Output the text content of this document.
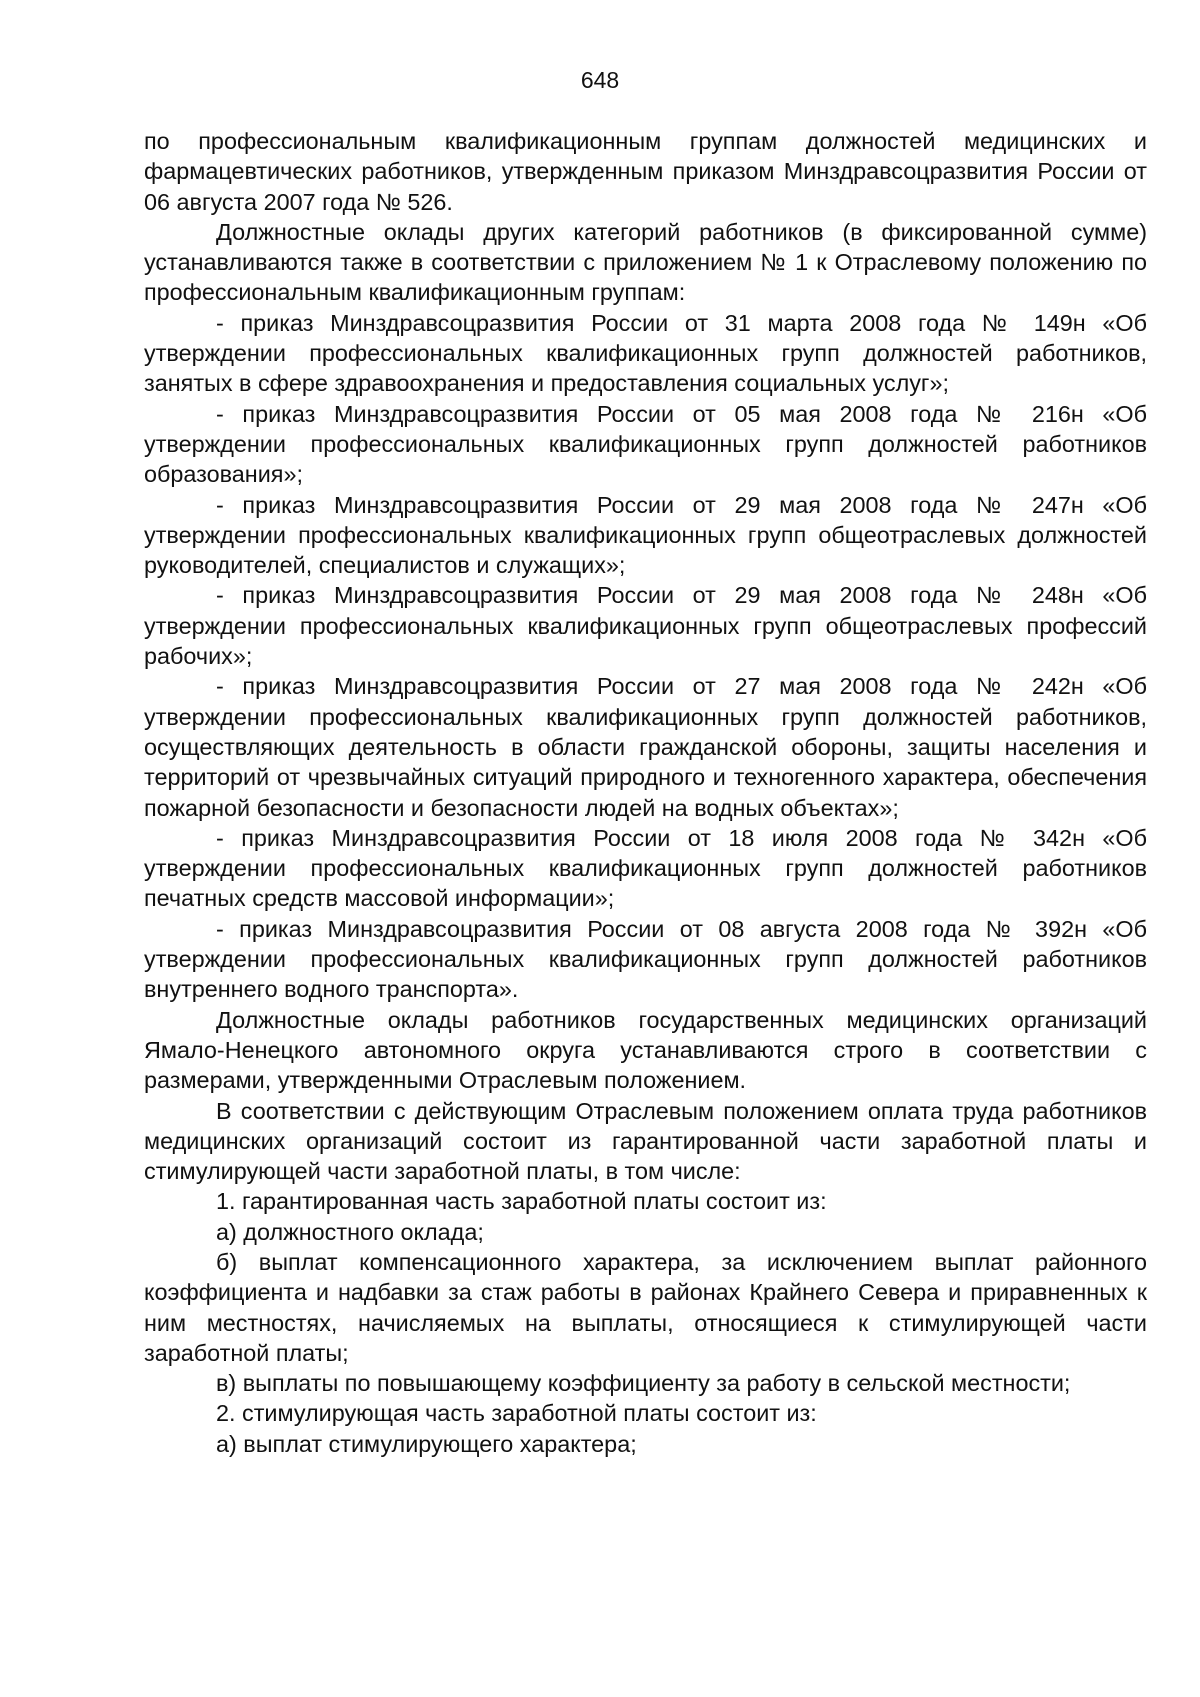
648

по профессиональным квалификационным группам должностей медицинских и фармацевтических работников, утвержденным приказом Минздравсоцразвития России от 06 августа 2007 года № 526.

Должностные оклады других категорий работников (в фиксированной сумме) устанавливаются также в соответствии с приложением № 1 к Отраслевому положению по профессиональным квалификационным группам:

- приказ Минздравсоцразвития России от 31 марта 2008 года № 149н «Об утверждении профессиональных квалификационных групп должностей работников, занятых в сфере здравоохранения и предоставления социальных услуг»;

- приказ Минздравсоцразвития России от 05 мая 2008 года № 216н «Об утверждении профессиональных квалификационных групп должностей работников образования»;

- приказ Минздравсоцразвития России от 29 мая 2008 года № 247н «Об утверждении профессиональных квалификационных групп общеотраслевых должностей руководителей, специалистов и служащих»;

- приказ Минздравсоцразвития России от 29 мая 2008 года № 248н «Об утверждении профессиональных квалификационных групп общеотраслевых профессий рабочих»;

- приказ Минздравсоцразвития России от 27 мая 2008 года № 242н «Об утверждении профессиональных квалификационных групп должностей работников, осуществляющих деятельность в области гражданской обороны, защиты населения и территорий от чрезвычайных ситуаций природного и техногенного характера, обеспечения пожарной безопасности и безопасности людей на водных объектах»;

- приказ Минздравсоцразвития России от 18 июля 2008 года № 342н «Об утверждении профессиональных квалификационных групп должностей работников печатных средств массовой информации»;

- приказ Минздравсоцразвития России от 08 августа 2008 года № 392н «Об утверждении профессиональных квалификационных групп должностей работников внутреннего водного транспорта».

Должностные оклады работников государственных медицинских организаций Ямало-Ненецкого автономного округа устанавливаются строго в соответствии с размерами, утвержденными Отраслевым положением.

В соответствии с действующим Отраслевым положением оплата труда работников медицинских организаций состоит из гарантированной части заработной платы и стимулирующей части заработной платы, в том числе:

1. гарантированная часть заработной платы состоит из:

а) должностного оклада;

б) выплат компенсационного характера, за исключением выплат районного коэффициента и надбавки за стаж работы в районах Крайнего Севера и приравненных к ним местностях, начисляемых на выплаты, относящиеся к стимулирующей части заработной платы;

в) выплаты по повышающему коэффициенту за работу в сельской местности;

2. стимулирующая часть заработной платы состоит из:

а) выплат стимулирующего характера;
